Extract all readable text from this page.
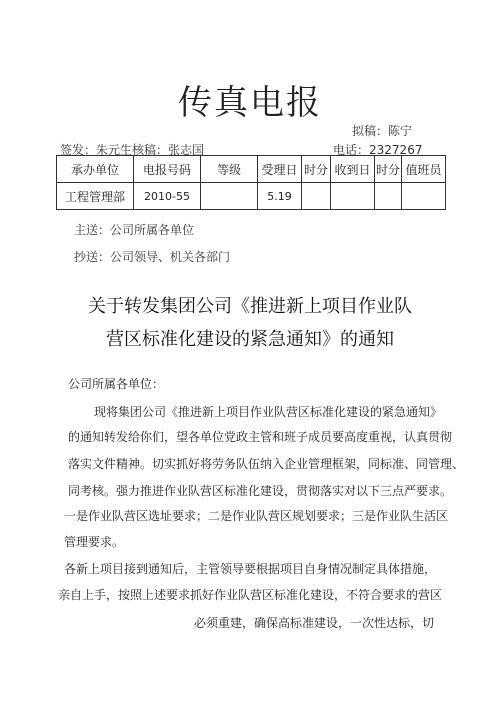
传真电报
拟稿：陈宁
签发：朱元生核稿：张志国	电话：2327267
承办单位	电报号码	等级	受理日	时分	收到日	时分	值班员
工程管理部	2010-55		5.19				
主送：公司所属各单位
抄送：公司领导、机关各部门
关于转发集团公司《推进新上项目作业队
营区标准化建设的紧急通知》的通知
公司所属各单位：
现将集团公司《推进新上项目作业队营区标准化建设的紧急通知》
的通知转发给你们，望各单位党政主管和班子成员要高度重视，认真贯彻
落实文件精神。切实抓好将劳务队伍纳入企业管理框架，同标准、同管理、
同考核。强力推进作业队营区标准化建设，贯彻落实对以下三点严要求。
一是作业队营区选址要求；二是作业队营区规划要求；三是作业队生活区
管理要求。
各新上项目接到通知后，主管领导要根据项目自身情况制定具体措施，
亲自上手，按照上述要求抓好作业队营区标准化建设，不符合要求的营区
必须重建，确保高标准建设，一次性达标，切
